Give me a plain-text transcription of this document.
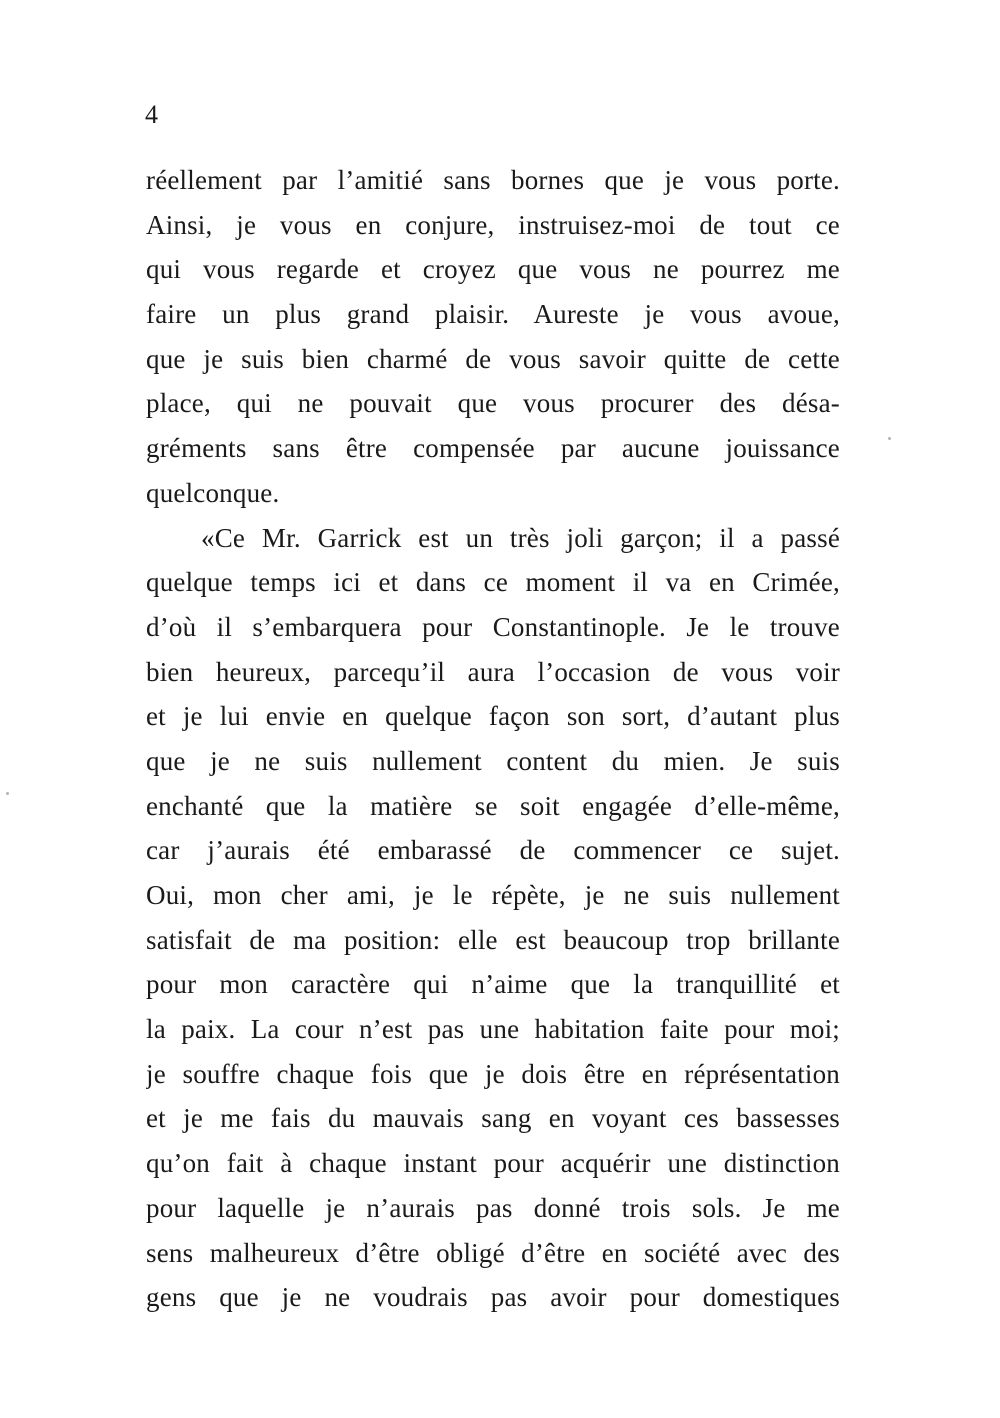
4
réellement par l’amitié sans bornes que je vous porte.
Ainsi, je vous en conjure, instruisez-moi de tout ce
qui vous regarde et croyez que vous ne pourrez me
faire un plus grand plaisir. Aureste je vous avoue,
que je suis bien charmé de vous savoir quitte de cette
place, qui ne pouvait que vous procurer des désa-
gréments sans être compensée par aucune jouissance
quelconque.
«Ce Mr. Garrick est un très joli garçon; il a passé
quelque temps ici et dans ce moment il va en Crimée,
d’où il s’embarquera pour Constantinople. Je le trouve
bien heureux, parcequ’il aura l’occasion de vous voir
et je lui envie en quelque façon son sort, d’autant plus
que je ne suis nullement content du mien. Je suis
enchanté que la matière se soit engagée d’elle-même,
car j’aurais été embarassé de commencer ce sujet.
Oui, mon cher ami, je le répète, je ne suis nullement
satisfait de ma position: elle est beaucoup trop brillante
pour mon caractère qui n’aime que la tranquillité et
la paix. La cour n’est pas une habitation faite pour moi;
je souffre chaque fois que je dois être en réprésentation
et je me fais du mauvais sang en voyant ces bassesses
qu’on fait à chaque instant pour acquérir une distinction
pour laquelle je n’aurais pas donné trois sols. Je me
sens malheureux d’être obligé d’être en société avec des
gens que je ne voudrais pas avoir pour domestiques
